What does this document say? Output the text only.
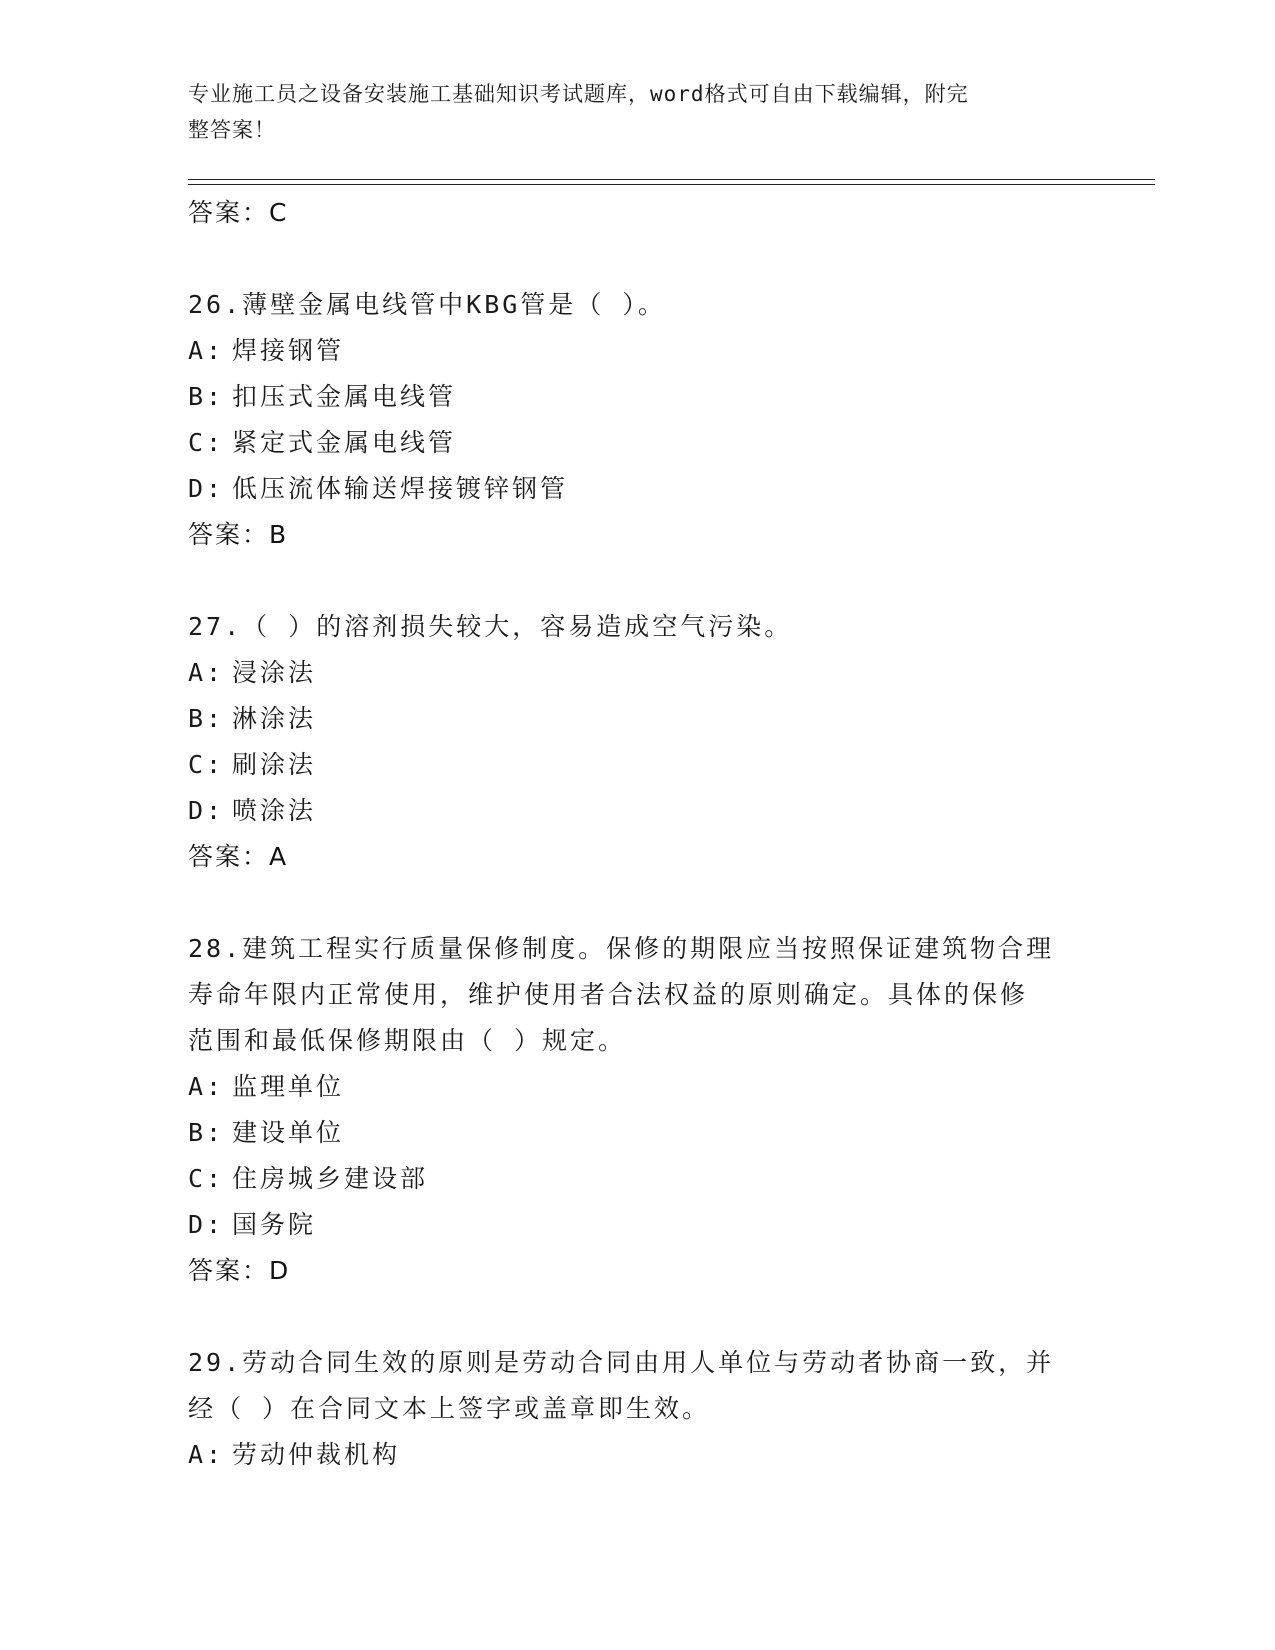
专业施工员之设备安装施工基础知识考试题库，word格式可自由下载编辑，附完
整答案！
答案：C
26.薄壁金属电线管中KBG管是（ ）。
A: 焊接钢管
B: 扣压式金属电线管
C: 紧定式金属电线管
D: 低压流体输送焊接镀锌钢管
答案：B
27.（ ）的溶剂损失较大，容易造成空气污染。
A: 浸涂法
B: 淋涂法
C: 刷涂法
D: 喷涂法
答案：A
28.建筑工程实行质量保修制度。保修的期限应当按照保证建筑物合理
寿命年限内正常使用，维护使用者合法权益的原则确定。具体的保修
范围和最低保修期限由（ ）规定。
A: 监理单位
B: 建设单位
C: 住房城乡建设部
D: 国务院
答案：D
29.劳动合同生效的原则是劳动合同由用人单位与劳动者协商一致，并
经（ ）在合同文本上签字或盖章即生效。
A: 劳动仲裁机构
